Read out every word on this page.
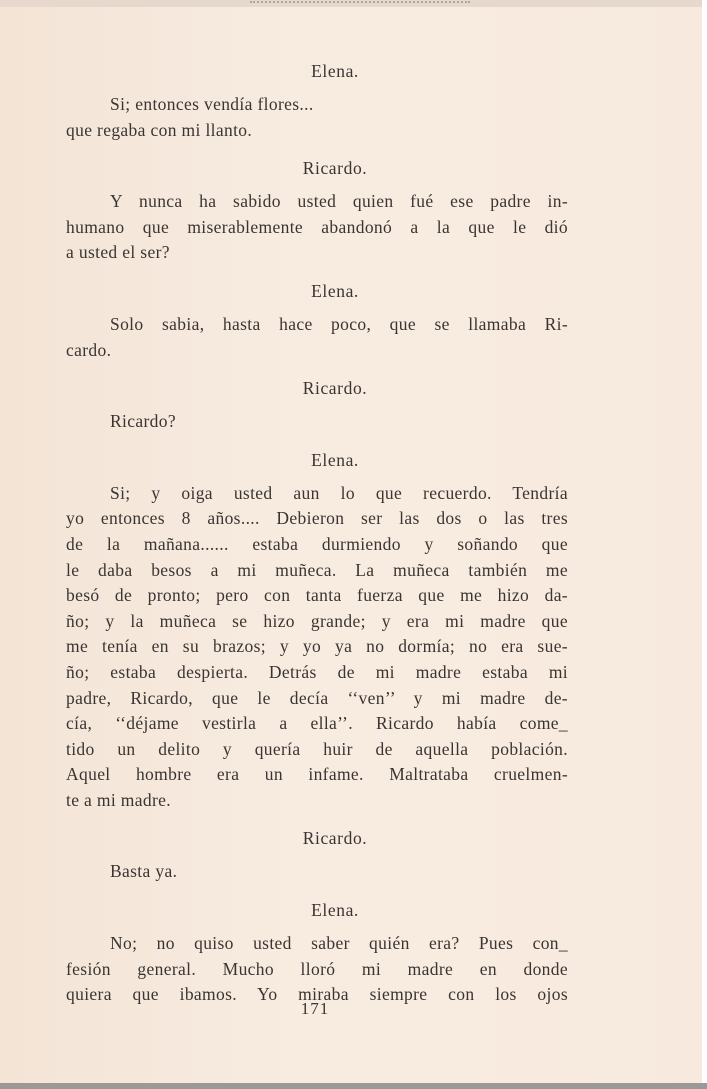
Elena.
Si; entonces vendía flores...
que regaba con mi llanto.
Ricardo.
Y nunca ha sabido usted quien fué ese padre in-
humano que miserablemente abandonó a la que le dió
a usted el ser?
Elena.
Solo sabia, hasta hace poco, que se llamaba Ri-
cardo.
Ricardo.
Ricardo?
Elena.
Si; y oiga usted aun lo que recuerdo. Tendría
yo entonces 8 años.... Debieron ser las dos o las tres
de la mañana...... estaba durmiendo y soñando que
le daba besos a mi muñeca. La muñeca también me
besó de pronto; pero con tanta fuerza que me hizo da-
ño; y la muñeca se hizo grande; y era mi madre que
me tenía en su brazos; y yo ya no dormía; no era sue-
ño; estaba despierta. Detrás de mi madre estaba mi
padre, Ricardo, que le decía ‘‘ven’’ y mi madre de-
cía, ‘‘déjame vestirla a ella’’. Ricardo había come_
tido un delito y quería huir de aquella población.
Aquel hombre era un infame. Maltrataba cruelmen-
te a mi madre.
Ricardo.
Basta ya.
Elena.
No; no quiso usted saber quién era? Pues con_
fesión general. Mucho lloró mi madre en donde
quiera que ibamos. Yo miraba siempre con los ojos
171
